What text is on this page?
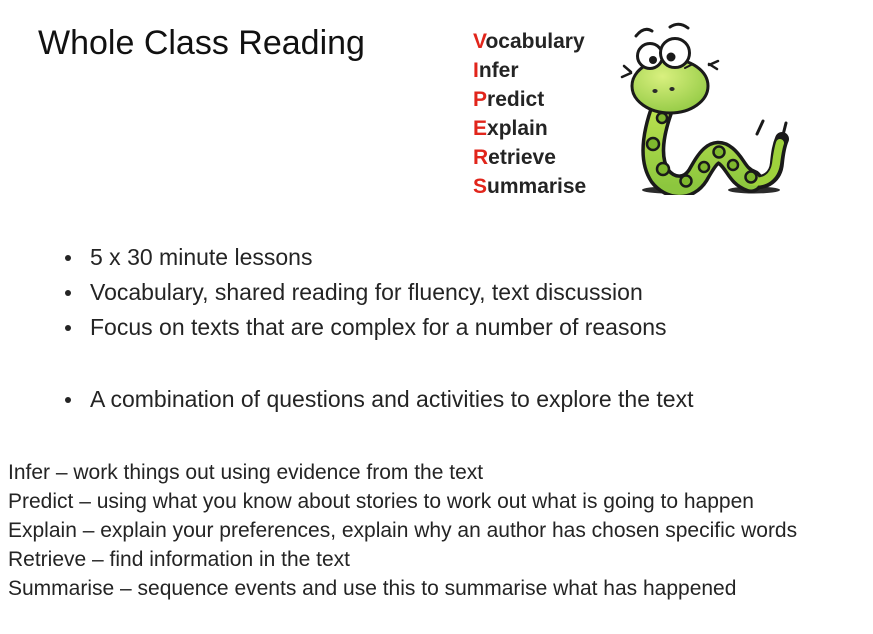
Whole Class Reading	Vocabulary
Infer
Predict
Explain
Retrieve
Summarise
5 x 30 minute lessons
Vocabulary, shared reading for fluency, text discussion
Focus on texts that are complex for a number of reasons
A combination of questions and activities to explore the text

Infer – work things out using evidence from the text

Predict – using what you know about stories to work out what is going to happen

Explain – explain your preferences, explain why an author has chosen specific words

Retrieve – find information in the text

Summarise – sequence events and use this to summarise what has happened
